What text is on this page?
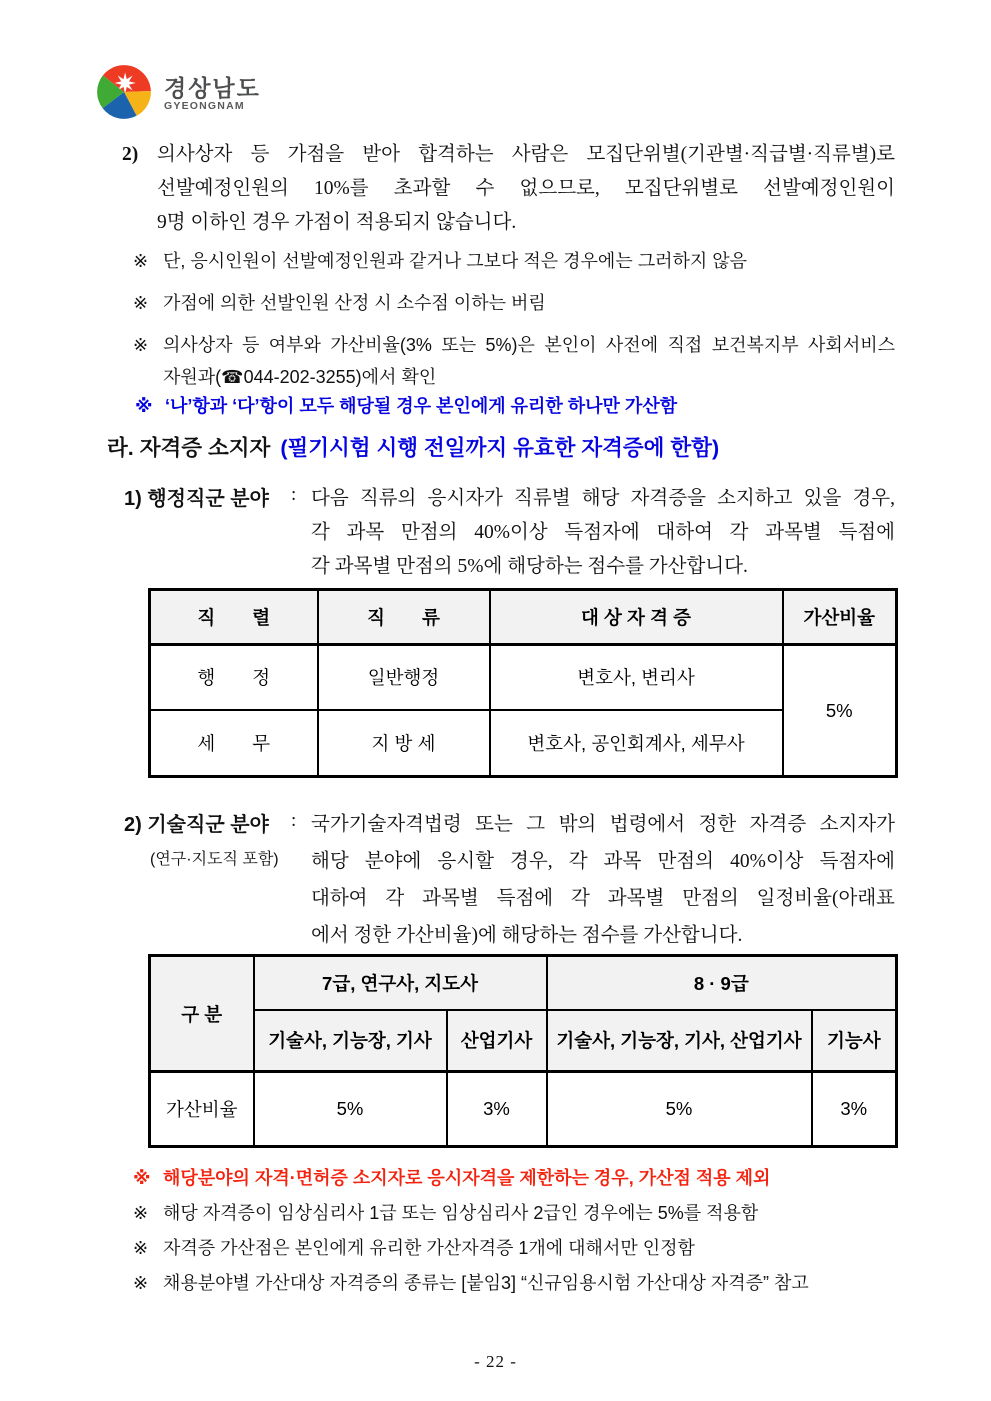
경상남도
GYEONGNAM
2) 의사상자 등 가점을 받아 합격하는 사람은 모집단위별(기관별·직급별·직류별)로
선발예정인원의 10%를 초과할 수 없으므로, 모집단위별로 선발예정인원이
9명 이하인 경우 가점이 적용되지 않습니다.
※ 단, 응시인원이 선발예정인원과 같거나 그보다 적은 경우에는 그러하지 않음
※ 가점에 의한 선발인원 산정 시 소수점 이하는 버림
※ 의사상자 등 여부와 가산비율(3% 또는 5%)은 본인이 사전에 직접 보건복지부 사회서비스
자원과(☎044-202-3255)에서 확인
※ ‘나’항과 ‘다’항이 모두 해당될 경우 본인에게 유리한 하나만 가산함
라. 자격증 소지자 (필기시험 시행 전일까지 유효한 자격증에 한함)
1) 행정직군 분야 : 다음 직류의 응시자가 직류별 해당 자격증을 소지하고 있을 경우,
각 과목 만점의 40%이상 득점자에 대하여 각 과목별 득점에
각 과목별 만점의 5%에 해당하는 점수를 가산합니다.
직　　렬	직　　류	대 상 자 격 증	가산비율
행　　정	일반행정	변호사, 변리사	5%
세　　무	지 방 세	변호사, 공인회계사, 세무사	
2) 기술직군 분야
(연구·지도직 포함)
: 국가기술자격법령 또는 그 밖의 법령에서 정한 자격증 소지자가
해당 분야에 응시할 경우, 각 과목 만점의 40%이상 득점자에
대하여 각 과목별 득점에 각 과목별 만점의 일정비율(아래표
에서 정한 가산비율)에 해당하는 점수를 가산합니다.
구 분	7급, 연구사, 지도사		8 · 9급	
	기술사, 기능장, 기사	산업기사	기술사, 기능장, 기사, 산업기사	기능사
가산비율	5%	3%	5%	3%
※ 해당분야의 자격·면허증 소지자로 응시자격을 제한하는 경우, 가산점 적용 제외
※ 해당 자격증이 임상심리사 1급 또는 임상심리사 2급인 경우에는 5%를 적용함
※ 자격증 가산점은 본인에게 유리한 가산자격증 1개에 대해서만 인정함
※ 채용분야별 가산대상 자격증의 종류는 [붙임3] “신규임용시험 가산대상 자격증” 참고
- 22 -
